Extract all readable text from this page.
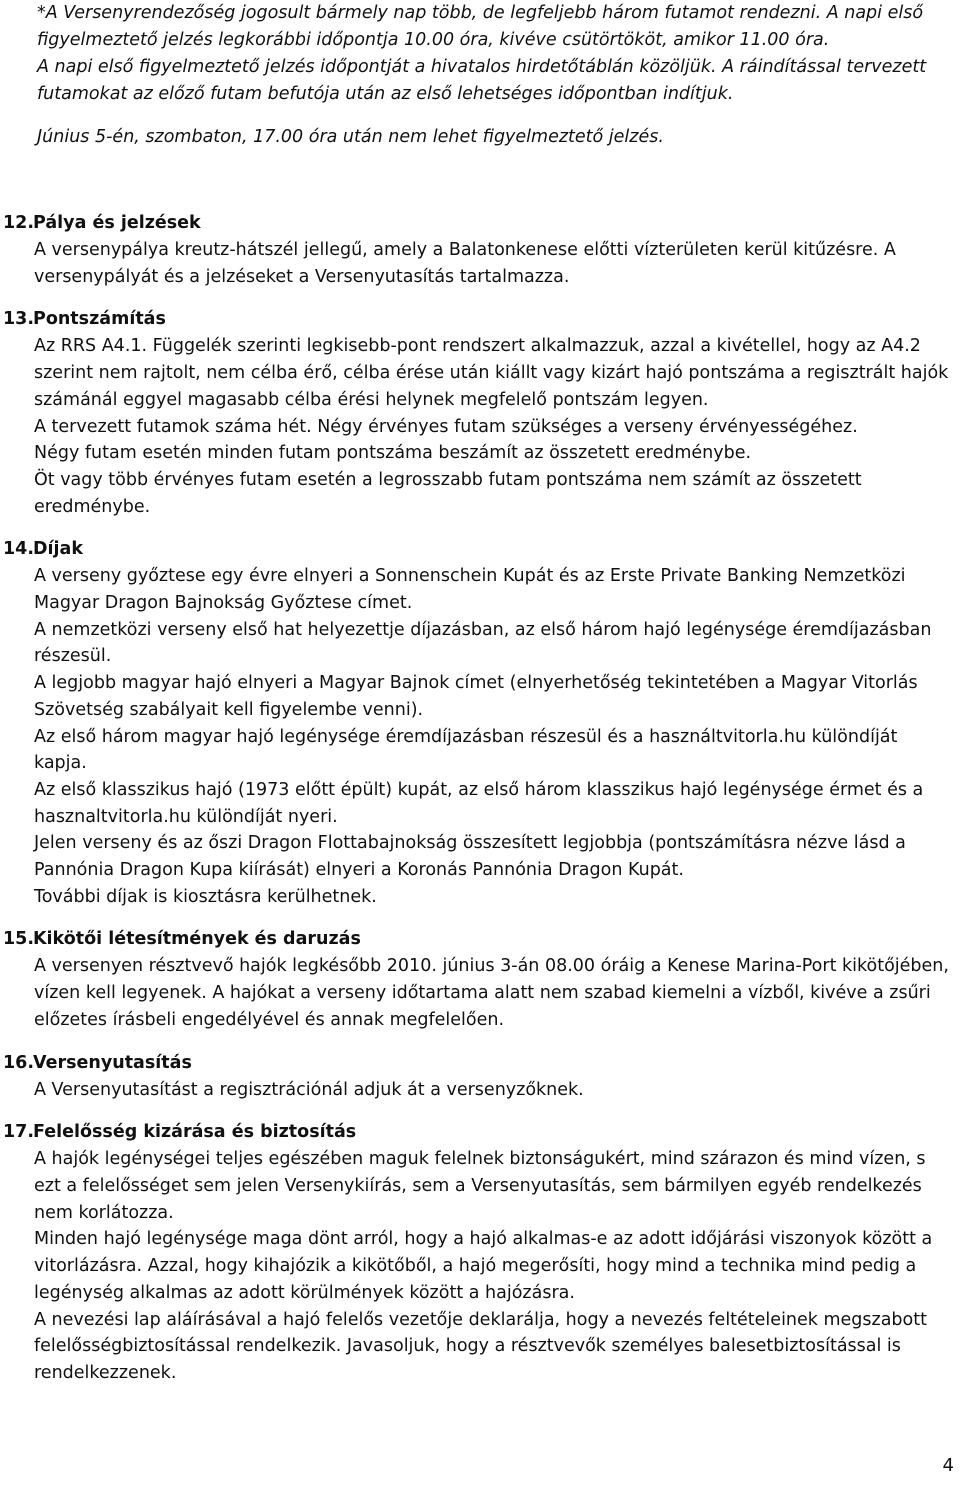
*A Versenyrendezőség jogosult bármely nap több, de legfeljebb három futamot rendezni. A napi első figyelmeztető jelzés legkorábbi időpontja 10.00 óra, kivéve csütörtököt, amikor 11.00 óra.

A napi első figyelmeztető jelzés időpontját a hivatalos hirdetőtáblán közöljük. A ráindítással tervezett futamokat az előző futam befutója után az első lehetséges időpontban indítjuk.

Június 5-én, szombaton, 17.00 óra után nem lehet figyelmeztető jelzés.

12.
Pálya és jelzések

A versenypálya kreutz-hátszél jellegű, amely a Balatonkenese előtti vízterületen kerül kitűzésre. A versenypályát és a jelzéseket a Versenyutasítás tartalmazza.

13.
Pontszámítás

Az RRS A4.1. Függelék szerinti legkisebb-pont rendszert alkalmazzuk, azzal a kivétellel, hogy az A4.2 szerint nem rajtolt, nem célba érő, célba érése után kiállt vagy kizárt hajó pontszáma a regisztrált hajók számánál eggyel magasabb célba érési helynek megfelelő pontszám legyen.

A tervezett futamok száma hét. Négy érvényes futam szükséges a verseny érvényességéhez.

Négy futam esetén minden futam pontszáma beszámít az összetett eredménybe.

Öt vagy több érvényes futam esetén a legrosszabb futam pontszáma nem számít az összetett eredménybe.

14.
Díjak

A verseny győztese egy évre elnyeri a Sonnenschein Kupát és az Erste Private Banking Nemzetközi Magyar Dragon Bajnokság Győztese címet.

A nemzetközi verseny első hat helyezettje díjazásban, az első három hajó legénysége éremdíjazásban részesül.

A legjobb magyar hajó elnyeri a Magyar Bajnok címet (elnyerhetőség tekintetében a Magyar Vitorlás Szövetség szabályait kell figyelembe venni).

Az első három magyar hajó legénysége éremdíjazásban részesül és a használtvitorla.hu különdíját kapja.

Az első klasszikus hajó (1973 előtt épült) kupát, az első három klasszikus hajó legénysége érmet és a hasznaltvitorla.hu különdíját nyeri.

Jelen verseny és az őszi Dragon Flottabajnokság összesített legjobbja (pontszámításra nézve lásd a Pannónia Dragon Kupa kiírását) elnyeri a Koronás Pannónia Dragon Kupát.

További díjak is kiosztásra kerülhetnek.

15.
Kikötői létesítmények és daruzás

A versenyen résztvevő hajók legkésőbb 2010. június 3-án 08.00 óráig a Kenese Marina-Port kikötőjében, vízen kell legyenek. A hajókat a verseny időtartama alatt nem szabad kiemelni a vízből, kivéve a zsűri előzetes írásbeli engedélyével és annak megfelelően.

16.
Versenyutasítás

A Versenyutasítást a regisztrációnál adjuk át a versenyzőknek.

17.
Felelősség kizárása és biztosítás

A hajók legénységei teljes egészében maguk felelnek biztonságukért, mind szárazon és mind vízen, s ezt a felelősséget sem jelen Versenykiírás, sem a Versenyutasítás, sem bármilyen egyéb rendelkezés nem korlátozza.

Minden hajó legénysége maga dönt arról, hogy a hajó alkalmas-e az adott időjárási viszonyok között a vitorlázásra. Azzal, hogy kihajózik a kikötőből, a hajó megerősíti, hogy mind a technika mind pedig a legénység alkalmas az adott körülmények között a hajózásra.

A nevezési lap aláírásával a hajó felelős vezetője deklarálja, hogy a nevezés feltételeinek megszabott felelősségbiztosítással rendelkezik. Javasoljuk, hogy a résztvevők személyes balesetbiztosítással is rendelkezzenek.

4
